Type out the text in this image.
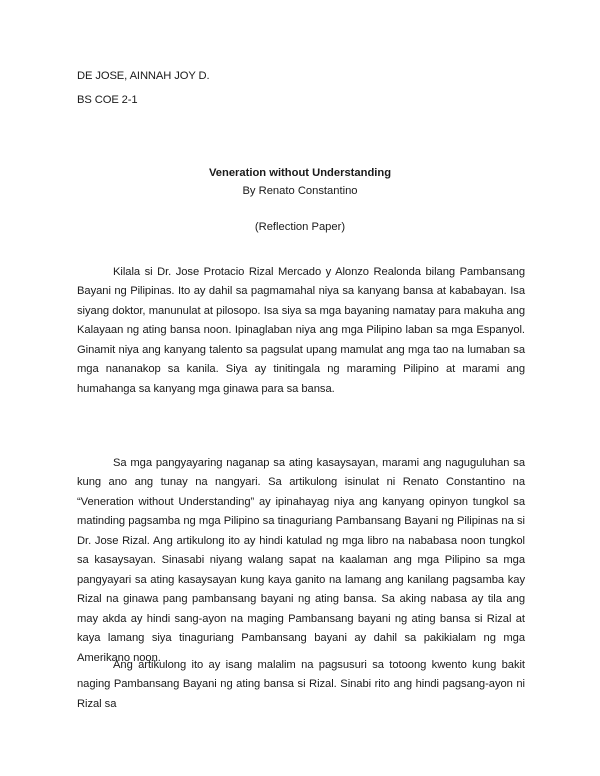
DE JOSE, AINNAH JOY D.

BS COE 2-1

Veneration without Understanding

By Renato Constantino

(Reflection Paper)

Kilala si Dr. Jose Protacio Rizal Mercado y Alonzo Realonda bilang Pambansang Bayani ng Pilipinas. Ito ay dahil sa pagmamahal niya sa kanyang bansa at kababayan. Isa siyang doktor, manunulat at pilosopo. Isa siya sa mga bayaning namatay para makuha ang Kalayaan ng ating bansa noon. Ipinaglaban niya ang mga Pilipino laban sa mga Espanyol. Ginamit niya ang kanyang talento sa pagsulat upang mamulat ang mga tao na lumaban sa mga nananakop sa kanila. Siya ay tinitingala ng maraming Pilipino at marami ang humahanga sa kanyang mga ginawa para sa bansa.

Sa mga pangyayaring naganap sa ating kasaysayan, marami ang naguguluhan sa kung ano ang tunay na nangyari. Sa artikulong isinulat ni Renato Constantino na “Veneration without Understanding” ay ipinahayag niya ang kanyang opinyon tungkol sa matinding pagsamba ng mga Pilipino sa tinaguriang Pambansang Bayani ng Pilipinas na si Dr. Jose Rizal. Ang artikulong ito ay hindi katulad ng mga libro na nababasa noon tungkol sa kasaysayan. Sinasabi niyang walang sapat na kaalaman ang mga Pilipino sa mga pangyayari sa ating kasaysayan kung kaya ganito na lamang ang kanilang pagsamba kay Rizal na ginawa pang pambansang bayani ng ating bansa. Sa aking nabasa ay tila ang may akda ay hindi sang-ayon na maging Pambansang bayani ng ating bansa si Rizal at kaya lamang siya tinaguriang Pambansang bayani ay dahil sa pakikialam ng mga Amerikano noon.

Ang artikulong ito ay isang malalim na pagsusuri sa totoong kwento kung bakit naging Pambansang Bayani ng ating bansa si Rizal. Sinabi rito ang hindi pagsang-ayon ni Rizal sa
